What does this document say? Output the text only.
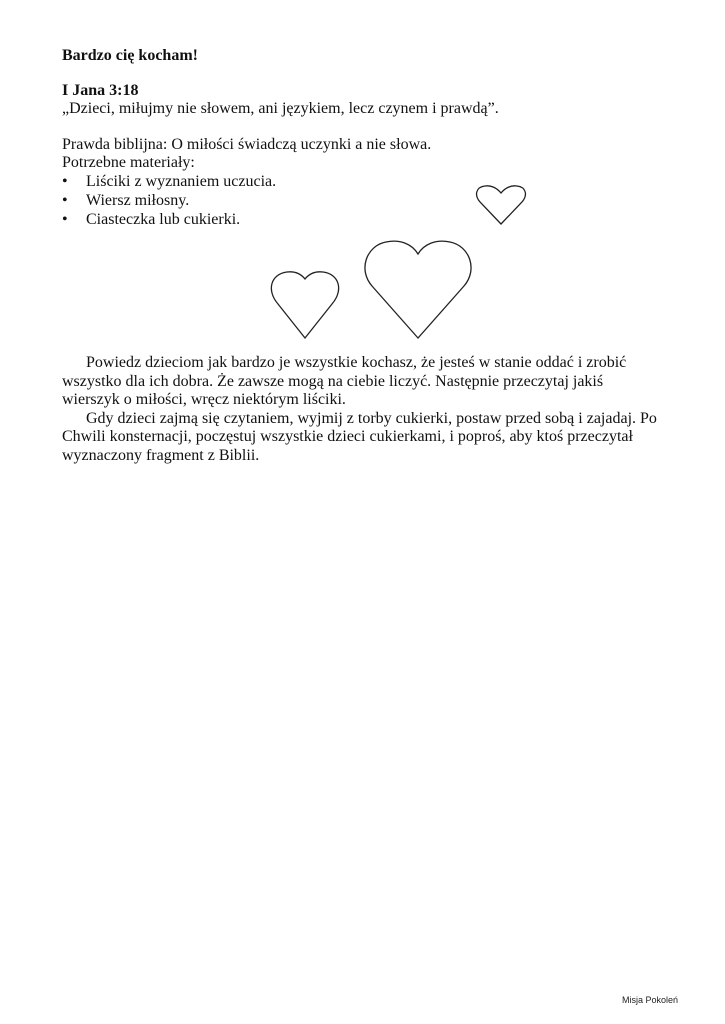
Bardzo cię kocham!
I Jana 3:18
„Dzieci, miłujmy nie słowem, ani językiem, lecz czynem i prawdą”.
Prawda biblijna: O miłości świadczą uczynki a nie słowa.
Potrzebne materiały:
• Liściki z wyznaniem uczucia.
• Wiersz miłosny.
• Ciasteczka lub cukierki.

Powiedz dzieciom jak bardzo je wszystkie kochasz, że jesteś w stanie oddać i zrobić wszystko dla ich dobra. Że zawsze mogą na ciebie liczyć. Następnie przeczytaj jakiś wierszyk o miłości, wręcz niektórym liściki.

Gdy dzieci zajmą się czytaniem, wyjmij z torby cukierki, postaw przed sobą i zajadaj. Po Chwili konsternacji, poczęstuj wszystkie dzieci cukierkami, i poproś, aby ktoś przeczytał wyznaczony fragment z Biblii.

Misja Pokoleń
